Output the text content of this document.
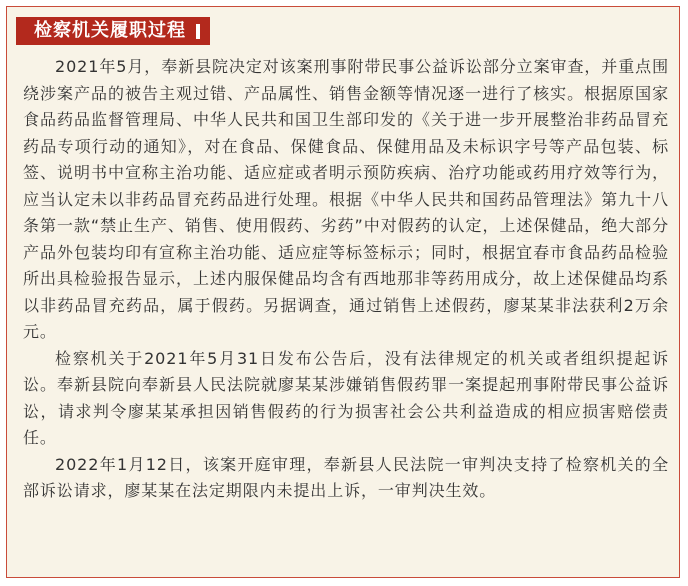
检察机关履职过程

2021年5月，奉新县院决定对该案刑事附带民事公益诉讼部分立案审查，并重点围绕涉案产品的被告主观过错、产品属性、销售金额等情况逐一进行了核实。根据原国家食品药品监督管理局、中华人民共和国卫生部印发的《关于进一步开展整治非药品冒充药品专项行动的通知》，对在食品、保健食品、保健用品及未标识字号等产品包装、标签、说明书中宣称主治功能、适应症或者明示预防疾病、治疗功能或药用疗效等行为，应当认定未以非药品冒充药品进行处理。根据《中华人民共和国药品管理法》第九十八条第一款“禁止生产、销售、使用假药、劣药”中对假药的认定，上述保健品，绝大部分产品外包装均印有宣称主治功能、适应症等标签标示；同时，根据宜春市食品药品检验所出具检验报告显示，上述内服保健品均含有西地那非等药用成分，故上述保健品均系以非药品冒充药品，属于假药。另据调查，通过销售上述假药，廖某某非法获利2万余元。

检察机关于2021年5月31日发布公告后，没有法律规定的机关或者组织提起诉讼。奉新县院向奉新县人民法院就廖某某涉嫌销售假药罪一案提起刑事附带民事公益诉讼，请求判令廖某某承担因销售假药的行为损害社会公共利益造成的相应损害赔偿责任。

2022年1月12日，该案开庭审理，奉新县人民法院一审判决支持了检察机关的全部诉讼请求，廖某某在法定期限内未提出上诉，一审判决生效。
